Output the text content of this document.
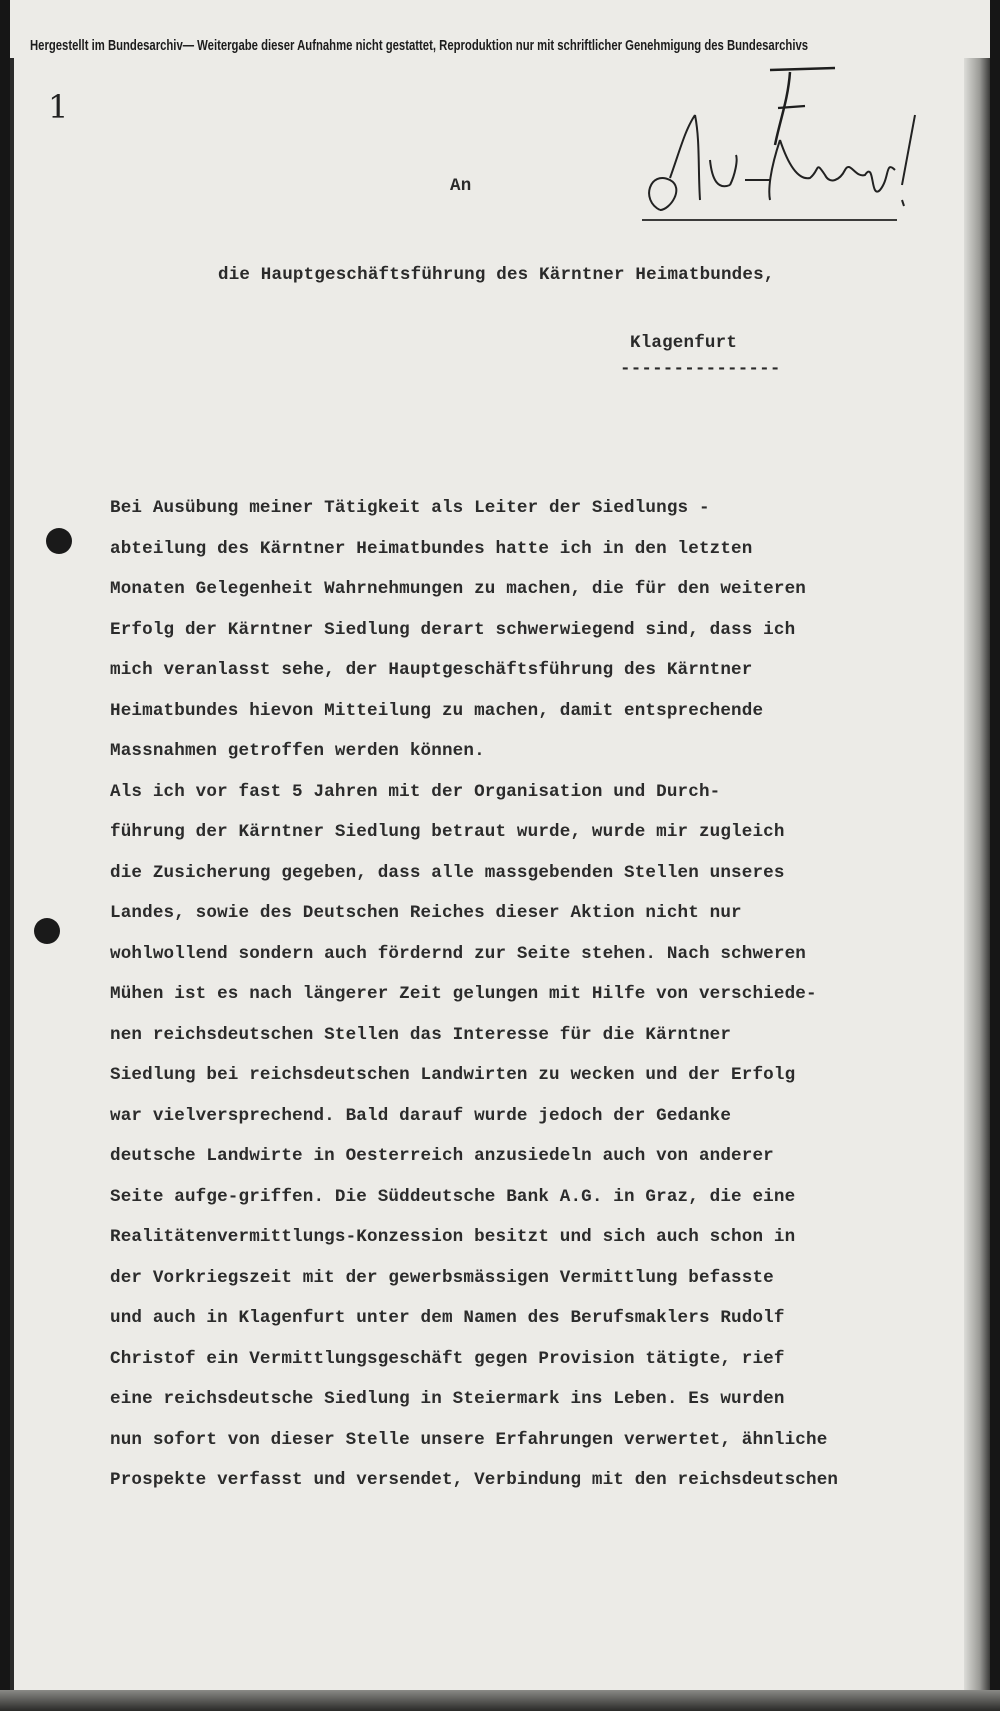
Hergestellt im Bundesarchiv— Weitergabe dieser Aufnahme nicht gestattet, Reproduktion nur mit schriftlicher Genehmigung des Bundesarchivs
1
An
die Hauptgeschäftsführung des Kärntner Heimatbundes,
Klagenfurt
---------------
Bei Ausübung meiner Tätigkeit als Leiter der Siedlungs -
abteilung des Kärntner Heimatbundes hatte ich in den letzten
Monaten Gelegenheit Wahrnehmungen zu machen, die für den weiteren
Erfolg der Kärntner Siedlung derart schwerwiegend sind, dass ich
mich veranlasst sehe, der Hauptgeschäftsführung des Kärntner
Heimatbundes hievon Mitteilung zu machen, damit entsprechende
Massnahmen getroffen werden können.
Als ich vor fast 5 Jahren mit der Organisation und Durch-
führung der Kärntner Siedlung betraut wurde, wurde mir zugleich
die Zusicherung gegeben, dass alle massgebenden Stellen unseres
Landes, sowie des Deutschen Reiches dieser Aktion nicht nur
wohlwollend sondern auch fördernd zur Seite stehen. Nach schweren
Mühen ist es nach längerer Zeit gelungen mit Hilfe von verschiede-
nen reichsdeutschen Stellen das Interesse für die Kärntner
Siedlung bei reichsdeutschen Landwirten zu wecken und der Erfolg
war vielversprechend. Bald darauf wurde jedoch der Gedanke
deutsche Landwirte in Oesterreich anzusiedeln auch von anderer
Seite aufge-griffen. Die Süddeutsche Bank A.G. in Graz, die eine
Realitätenvermittlungs-Konzession besitzt und sich auch schon in
der Vorkriegszeit mit der gewerbsmässigen Vermittlung befasste
und auch in Klagenfurt unter dem Namen des Berufsmaklers Rudolf
Christof ein Vermittlungsgeschäft gegen Provision tätigte, rief
eine reichsdeutsche Siedlung in Steiermark ins Leben. Es wurden
nun sofort von dieser Stelle unsere Erfahrungen verwertet, ähnliche
Prospekte verfasst und versendet, Verbindung mit den reichsdeutschen
